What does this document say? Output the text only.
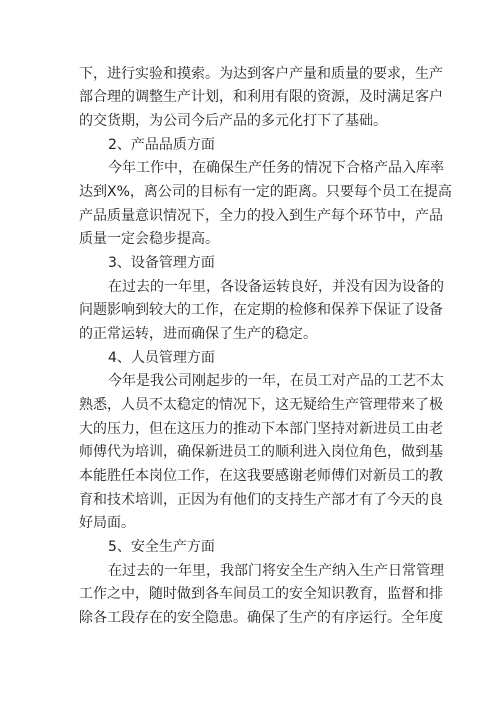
下，进行实验和摸索。为达到客户产量和质量的要求，生产
部合理的调整生产计划，和利用有限的资源，及时满足客户
的交货期，为公司今后产品的多元化打下了基础。
2、产品品质方面
今年工作中，在确保生产任务的情况下合格产品入库率
达到X%，离公司的目标有一定的距离。只要每个员工在提高
产品质量意识情况下，全力的投入到生产每个环节中，产品
质量一定会稳步提高。
3、设备管理方面
在过去的一年里，各设备运转良好，并没有因为设备的
问题影响到较大的工作，在定期的检修和保养下保证了设备
的正常运转，进而确保了生产的稳定。
4、人员管理方面
今年是我公司刚起步的一年，在员工对产品的工艺不太
熟悉，人员不太稳定的情况下，这无疑给生产管理带来了极
大的压力，但在这压力的推动下本部门坚持对新进员工由老
师傅代为培训，确保新进员工的顺利进入岗位角色，做到基
本能胜任本岗位工作，在这我要感谢老师傅们对新员工的教
育和技术培训，正因为有他们的支持生产部才有了今天的良
好局面。
5、安全生产方面
在过去的一年里，我部门将安全生产纳入生产日常管理
工作之中，随时做到各车间员工的安全知识教育，监督和排
除各工段存在的安全隐患。确保了生产的有序运行。全年度
